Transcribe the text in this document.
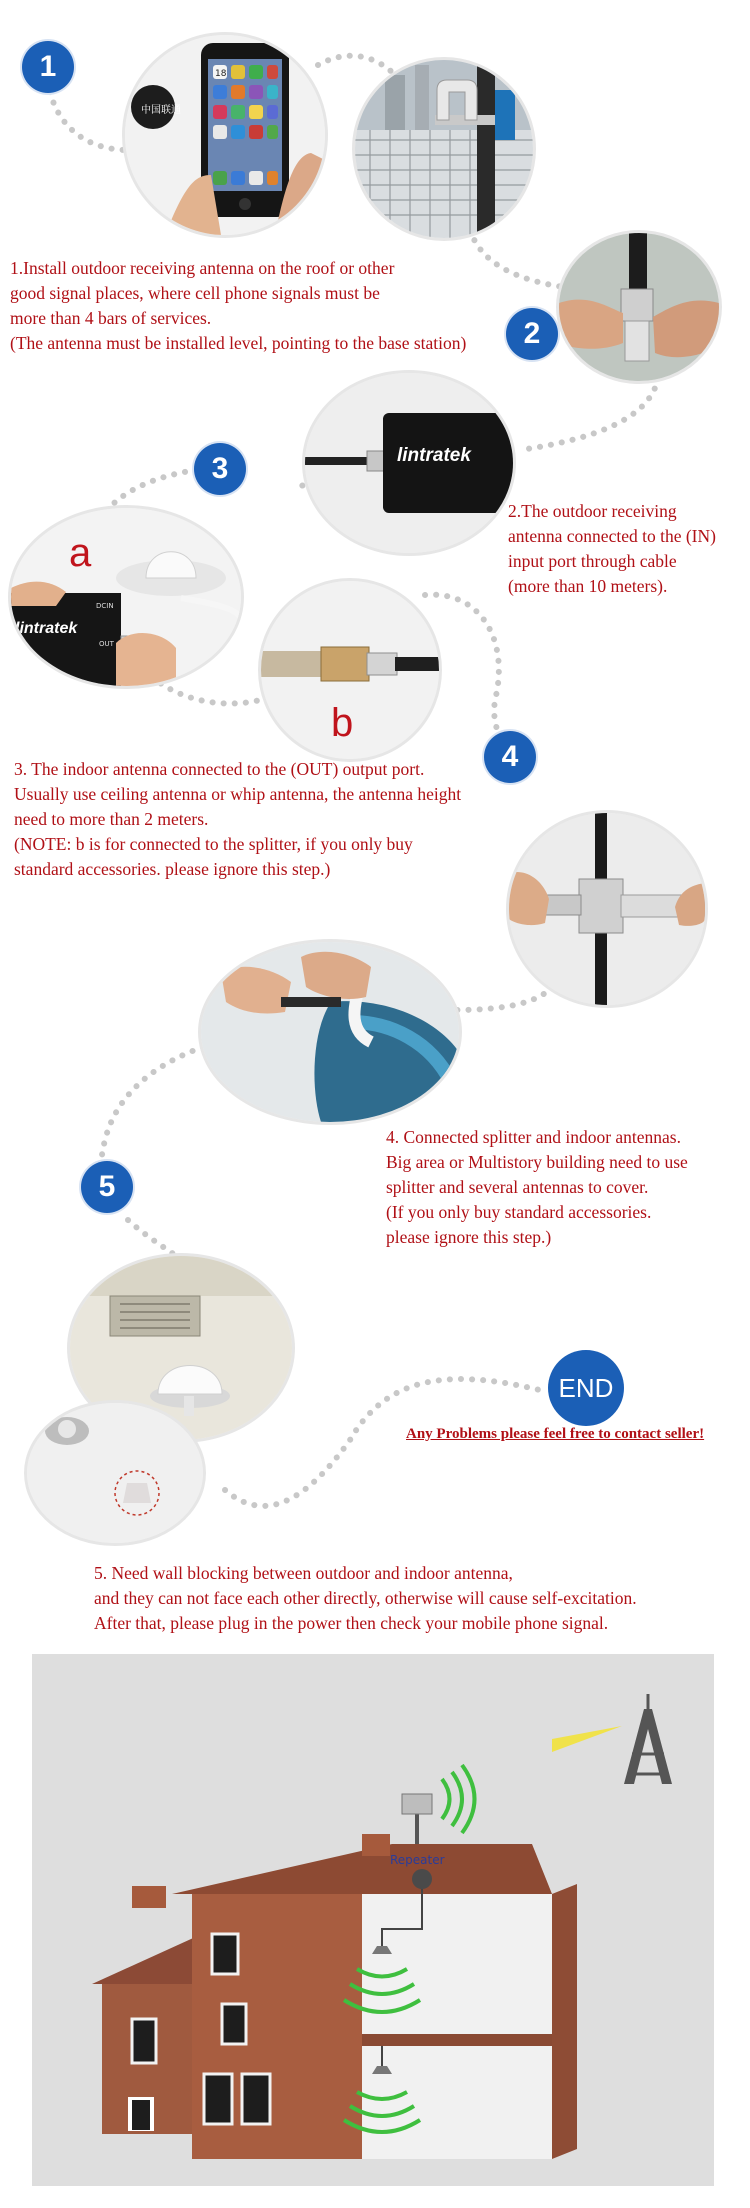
1
中国联通
18
1.Install outdoor receiving antenna on the roof or other
good signal places, where cell phone signals must be
more than 4 bars of services.
(The antenna must be installed level, pointing to the base station)	2
lintratek
2.The outdoor receiving
antenna connected to the (IN)
input port through cable
(more than 10 meters).
3
a
lintratek
DCIN
OUT
b
3. The indoor antenna connected to the (OUT) output port.
Usually use ceiling antenna or whip antenna, the antenna height
need to more than 2 meters.
(NOTE: b is for connected to the splitter, if you only buy
standard accessories. please ignore this step.)
4
4. Connected splitter and indoor antennas.
Big area or Multistory building need to use
splitter and several antennas to cover.
(If you only buy standard accessories.
please ignore this step.)
5
END
Any Problems please feel free to contact seller!
5. Need wall blocking between outdoor and indoor antenna,
and they can not face each other directly, otherwise will cause self-excitation.
After that, please plug in the power then check your mobile phone signal.
Repeater
